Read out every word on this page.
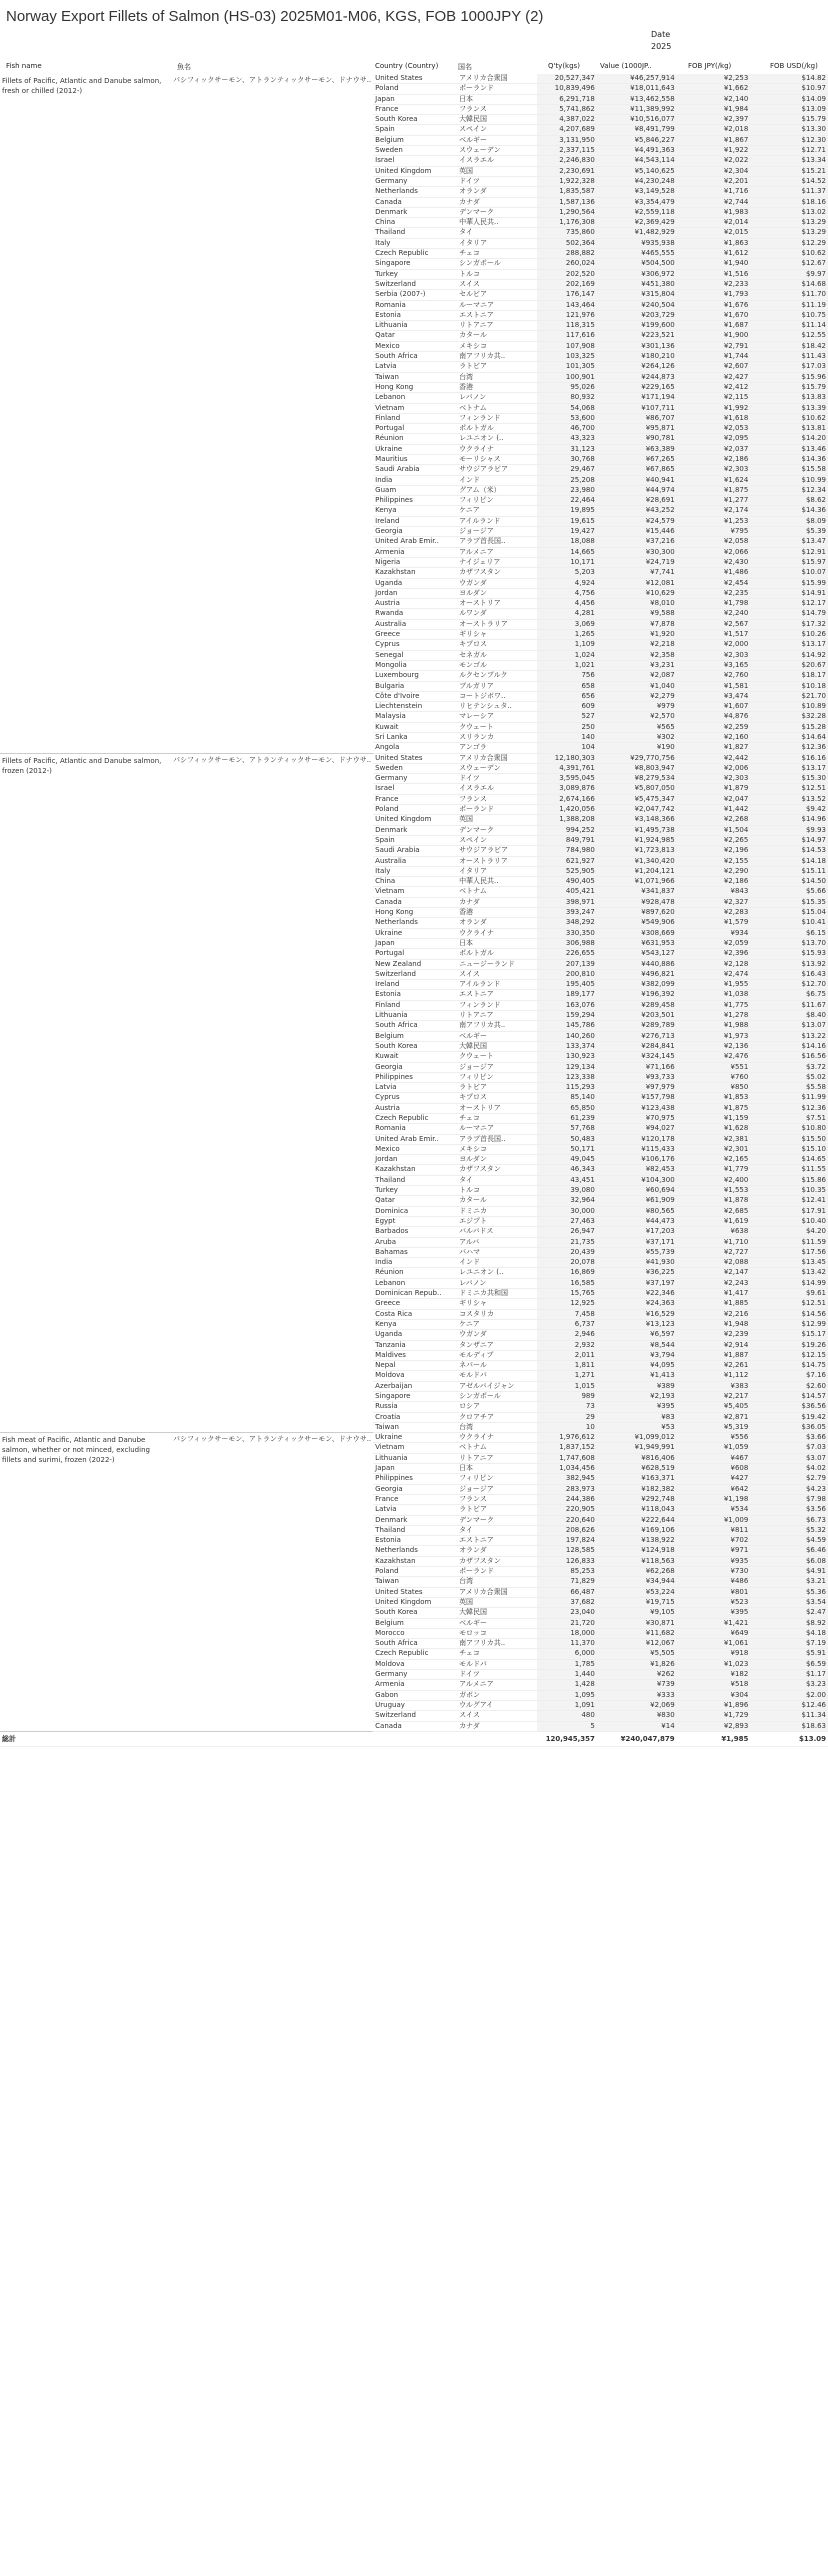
Norway Export Fillets of Salmon (HS-03) 2025M01-M06, KGS, FOB 1000JPY (2)
Date
2025
Fish name	魚名	Country (Country)	国名	Q'ty(kgs)	Value (1000JP..	FOB JPY(/kg)	FOB USD(/kg)
Fillets of Pacific, Atlantic and Danube salmon, fresh or chilled (2012-)	パシフィックサーモン、アトランティックサーモン、ドナウサ..	United States	アメリカ合衆国	20,527,347	¥46,257,914	¥2,253	$14.82
		Poland	ポーランド	10,839,496	¥18,011,643	¥1,662	$10.97
		Japan	日本	6,291,718	¥13,462,558	¥2,140	$14.09
		France	フランス	5,741,862	¥11,389,992	¥1,984	$13.09
		South Korea	大韓民国	4,387,022	¥10,516,077	¥2,397	$15.79
		Spain	スペイン	4,207,689	¥8,491,799	¥2,018	$13.30
		Belgium	ベルギー	3,131,950	¥5,846,227	¥1,867	$12.30
		Sweden	スウェーデン	2,337,115	¥4,491,363	¥1,922	$12.71
		Israel	イスラエル	2,246,830	¥4,543,114	¥2,022	$13.34
		United Kingdom	英国	2,230,691	¥5,140,625	¥2,304	$15.21
		Germany	ドイツ	1,922,328	¥4,230,248	¥2,201	$14.52
		Netherlands	オランダ	1,835,587	¥3,149,528	¥1,716	$11.37
		Canada	カナダ	1,587,136	¥3,354,479	¥2,744	$18.16
		Denmark	デンマーク	1,290,564	¥2,559,118	¥1,983	$13.02
		China	中華人民共..	1,176,308	¥2,369,429	¥2,014	$13.29
		Thailand	タイ	735,860	¥1,482,929	¥2,015	$13.29
		Italy	イタリア	502,364	¥935,938	¥1,863	$12.29
		Czech Republic	チェコ	288,882	¥465,555	¥1,612	$10.62
		Singapore	シンガポール	260,024	¥504,500	¥1,940	$12.67
		Turkey	トルコ	202,520	¥306,972	¥1,516	$9.97
		Switzerland	スイス	202,169	¥451,380	¥2,233	$14.68
		Serbia (2007-)	セルビア	176,147	¥315,804	¥1,793	$11.70
		Romania	ルーマニア	143,464	¥240,504	¥1,676	$11.19
		Estonia	エストニア	121,976	¥203,729	¥1,670	$10.75
		Lithuania	リトアニア	118,315	¥199,600	¥1,687	$11.14
		Qatar	カタール	117,616	¥223,521	¥1,900	$12.55
		Mexico	メキシコ	107,908	¥301,136	¥2,791	$18.42
		South Africa	南アフリカ共..	103,325	¥180,210	¥1,744	$11.43
		Latvia	ラトビア	101,305	¥264,126	¥2,607	$17.03
		Taiwan	台湾	100,901	¥244,873	¥2,427	$15.96
		Hong Kong	香港	95,026	¥229,165	¥2,412	$15.79
		Lebanon	レバノン	80,932	¥171,194	¥2,115	$13.83
		Vietnam	ベトナム	54,068	¥107,711	¥1,992	$13.39
		Finland	フィンランド	53,600	¥86,707	¥1,618	$10.62
		Portugal	ポルトガル	46,700	¥95,871	¥2,053	$13.81
		Réunion	レユニオン (..	43,323	¥90,781	¥2,095	$14.20
		Ukraine	ウクライナ	31,123	¥63,389	¥2,037	$13.46
		Mauritius	モーリシャス	30,768	¥67,265	¥2,186	$14.36
		Saudi Arabia	サウジアラビア	29,467	¥67,865	¥2,303	$15.58
		India	インド	25,208	¥40,941	¥1,624	$10.99
		Guam	グアム（米）	23,980	¥44,974	¥1,875	$12.34
		Philippines	フィリピン	22,464	¥28,691	¥1,277	$8.62
		Kenya	ケニア	19,895	¥43,252	¥2,174	$14.36
		Ireland	アイルランド	19,615	¥24,579	¥1,253	$8.09
		Georgia	ジョージア	19,427	¥15,446	¥795	$5.39
		United Arab Emir..	アラブ首長国..	18,088	¥37,216	¥2,058	$13.47
		Armenia	アルメニア	14,665	¥30,300	¥2,066	$12.91
		Nigeria	ナイジェリア	10,171	¥24,719	¥2,430	$15.97
		Kazakhstan	カザフスタン	5,203	¥7,741	¥1,486	$10.07
		Uganda	ウガンダ	4,924	¥12,081	¥2,454	$15.99
		Jordan	ヨルダン	4,756	¥10,629	¥2,235	$14.91
		Austria	オーストリア	4,456	¥8,010	¥1,798	$12.17
		Rwanda	ルワンダ	4,281	¥9,588	¥2,240	$14.79
		Australia	オーストラリア	3,069	¥7,878	¥2,567	$17.32
		Greece	ギリシャ	1,265	¥1,920	¥1,517	$10.26
		Cyprus	キプロス	1,109	¥2,218	¥2,000	$13.17
		Senegal	セネガル	1,024	¥2,358	¥2,303	$14.92
		Mongolia	モンゴル	1,021	¥3,231	¥3,165	$20.67
		Luxembourg	ルクセンブルク	756	¥2,087	¥2,760	$18.17
		Bulgaria	ブルガリア	658	¥1,040	¥1,581	$10.18
		Côte d'Ivoire	コートジボワ..	656	¥2,279	¥3,474	$21.70
		Liechtenstein	リヒテンシュタ..	609	¥979	¥1,607	$10.89
		Malaysia	マレーシア	527	¥2,570	¥4,876	$32.28
		Kuwait	クウェート	250	¥565	¥2,259	$15.28
		Sri Lanka	スリランカ	140	¥302	¥2,160	$14.64
		Angola	アンゴラ	104	¥190	¥1,827	$12.36
Fillets of Pacific, Atlantic and Danube salmon, frozen (2012-)	パシフィックサーモン、アトランティックサーモン、ドナウサ..	United States	アメリカ合衆国	12,180,303	¥29,770,756	¥2,442	$16.16
		Sweden	スウェーデン	4,391,761	¥8,803,947	¥2,006	$13.17
		Germany	ドイツ	3,595,045	¥8,279,534	¥2,303	$15.30
		Israel	イスラエル	3,089,876	¥5,807,050	¥1,879	$12.51
		France	フランス	2,674,166	¥5,475,347	¥2,047	$13.52
		Poland	ポーランド	1,420,056	¥2,047,742	¥1,442	$9.42
		United Kingdom	英国	1,388,208	¥3,148,366	¥2,268	$14.96
		Denmark	デンマーク	994,252	¥1,495,738	¥1,504	$9.93
		Spain	スペイン	849,791	¥1,924,985	¥2,265	$14.97
		Saudi Arabia	サウジアラビア	784,980	¥1,723,813	¥2,196	$14.53
		Australia	オーストラリア	621,927	¥1,340,420	¥2,155	$14.18
		Italy	イタリア	525,905	¥1,204,121	¥2,290	$15.11
		China	中華人民共..	490,405	¥1,071,966	¥2,186	$14.50
		Vietnam	ベトナム	405,421	¥341,837	¥843	$5.66
		Canada	カナダ	398,971	¥928,478	¥2,327	$15.35
		Hong Kong	香港	393,247	¥897,620	¥2,283	$15.04
		Netherlands	オランダ	348,292	¥549,906	¥1,579	$10.41
		Ukraine	ウクライナ	330,350	¥308,669	¥934	$6.15
		Japan	日本	306,988	¥631,953	¥2,059	$13.70
		Portugal	ポルトガル	226,655	¥543,127	¥2,396	$15.93
		New Zealand	ニュージーランド	207,139	¥440,886	¥2,128	$13.92
		Switzerland	スイス	200,810	¥496,821	¥2,474	$16.43
		Ireland	アイルランド	195,405	¥382,099	¥1,955	$12.70
		Estonia	エストニア	189,177	¥196,392	¥1,038	$6.75
		Finland	フィンランド	163,076	¥289,458	¥1,775	$11.67
		Lithuania	リトアニア	159,294	¥203,501	¥1,278	$8.40
		South Africa	南アフリカ共..	145,786	¥289,789	¥1,988	$13.07
		Belgium	ベルギー	140,260	¥276,713	¥1,973	$13.22
		South Korea	大韓民国	133,374	¥284,841	¥2,136	$14.16
		Kuwait	クウェート	130,923	¥324,145	¥2,476	$16.56
		Georgia	ジョージア	129,134	¥71,166	¥551	$3.72
		Philippines	フィリピン	123,338	¥93,733	¥760	$5.02
		Latvia	ラトビア	115,293	¥97,979	¥850	$5.58
		Cyprus	キプロス	85,140	¥157,798	¥1,853	$11.99
		Austria	オーストリア	65,850	¥123,438	¥1,875	$12.36
		Czech Republic	チェコ	61,239	¥70,975	¥1,159	$7.51
		Romania	ルーマニア	57,768	¥94,027	¥1,628	$10.80
		United Arab Emir..	アラブ首長国..	50,483	¥120,178	¥2,381	$15.50
		Mexico	メキシコ	50,171	¥115,433	¥2,301	$15.10
		Jordan	ヨルダン	49,045	¥106,176	¥2,165	$14.65
		Kazakhstan	カザフスタン	46,343	¥82,453	¥1,779	$11.55
		Thailand	タイ	43,451	¥104,300	¥2,400	$15.86
		Turkey	トルコ	39,080	¥60,694	¥1,553	$10.35
		Qatar	カタール	32,964	¥61,909	¥1,878	$12.41
		Dominica	ドミニカ	30,000	¥80,565	¥2,685	$17.91
		Egypt	エジプト	27,463	¥44,473	¥1,619	$10.40
		Barbados	バルバドス	26,947	¥17,203	¥638	$4.20
		Aruba	アルバ	21,735	¥37,171	¥1,710	$11.59
		Bahamas	バハマ	20,439	¥55,739	¥2,727	$17.56
		India	インド	20,078	¥41,930	¥2,088	$13.45
		Réunion	レユニオン (..	16,869	¥36,225	¥2,147	$13.42
		Lebanon	レバノン	16,585	¥37,197	¥2,243	$14.99
		Dominican Repub..	ドミニカ共和国	15,765	¥22,346	¥1,417	$9.61
		Greece	ギリシャ	12,925	¥24,363	¥1,885	$12.51
		Costa Rica	コスタリカ	7,458	¥16,529	¥2,216	$14.56
		Kenya	ケニア	6,737	¥13,123	¥1,948	$12.99
		Uganda	ウガンダ	2,946	¥6,597	¥2,239	$15.17
		Tanzania	タンザニア	2,932	¥8,544	¥2,914	$19.26
		Maldives	モルディブ	2,011	¥3,794	¥1,887	$12.15
		Nepal	ネパール	1,811	¥4,095	¥2,261	$14.75
		Moldova	モルドバ	1,271	¥1,413	¥1,112	$7.16
		Azerbaijan	アゼルバイジャン	1,015	¥389	¥383	$2.60
		Singapore	シンガポール	989	¥2,193	¥2,217	$14.57
		Russia	ロシア	73	¥395	¥5,405	$36.56
		Croatia	クロアチア	29	¥83	¥2,871	$19.42
		Taiwan	台湾	10	¥53	¥5,319	$36.05
Fish meat of Pacific, Atlantic and Danube salmon, whether or not minced, excluding fillets and surimi, frozen (2022-)	パシフィックサーモン、アトランティックサーモン、ドナウサ..	Ukraine	ウクライナ	1,976,612	¥1,099,012	¥556	$3.66
		Vietnam	ベトナム	1,837,152	¥1,949,991	¥1,059	$7.03
		Lithuania	リトアニア	1,747,608	¥816,406	¥467	$3.07
		Japan	日本	1,034,456	¥628,519	¥608	$4.02
		Philippines	フィリピン	382,945	¥163,371	¥427	$2.79
		Georgia	ジョージア	283,973	¥182,382	¥642	$4.23
		France	フランス	244,386	¥292,748	¥1,198	$7.98
		Latvia	ラトビア	220,905	¥118,043	¥534	$3.56
		Denmark	デンマーク	220,640	¥222,644	¥1,009	$6.73
		Thailand	タイ	208,626	¥169,106	¥811	$5.32
		Estonia	エストニア	197,824	¥138,922	¥702	$4.59
		Netherlands	オランダ	128,585	¥124,918	¥971	$6.46
		Kazakhstan	カザフスタン	126,833	¥118,563	¥935	$6.08
		Poland	ポーランド	85,253	¥62,268	¥730	$4.91
		Taiwan	台湾	71,829	¥34,944	¥486	$3.21
		United States	アメリカ合衆国	66,487	¥53,224	¥801	$5.36
		United Kingdom	英国	37,682	¥19,715	¥523	$3.54
		South Korea	大韓民国	23,040	¥9,105	¥395	$2.47
		Belgium	ベルギー	21,720	¥30,871	¥1,421	$8.92
		Morocco	モロッコ	18,000	¥11,682	¥649	$4.18
		South Africa	南アフリカ共..	11,370	¥12,067	¥1,061	$7.19
		Czech Republic	チェコ	6,000	¥5,505	¥918	$5.91
		Moldova	モルドバ	1,785	¥1,826	¥1,023	$6.59
		Germany	ドイツ	1,440	¥262	¥182	$1.17
		Armenia	アルメニア	1,428	¥739	¥518	$3.23
		Gabon	ガボン	1,095	¥333	¥304	$2.00
		Uruguay	ウルグアイ	1,091	¥2,069	¥1,896	$12.46
		Switzerland	スイス	480	¥830	¥1,729	$11.34
		Canada	カナダ	5	¥14	¥2,893	$18.63
総計				120,945,357	¥240,047,879	¥1,985	$13.09
